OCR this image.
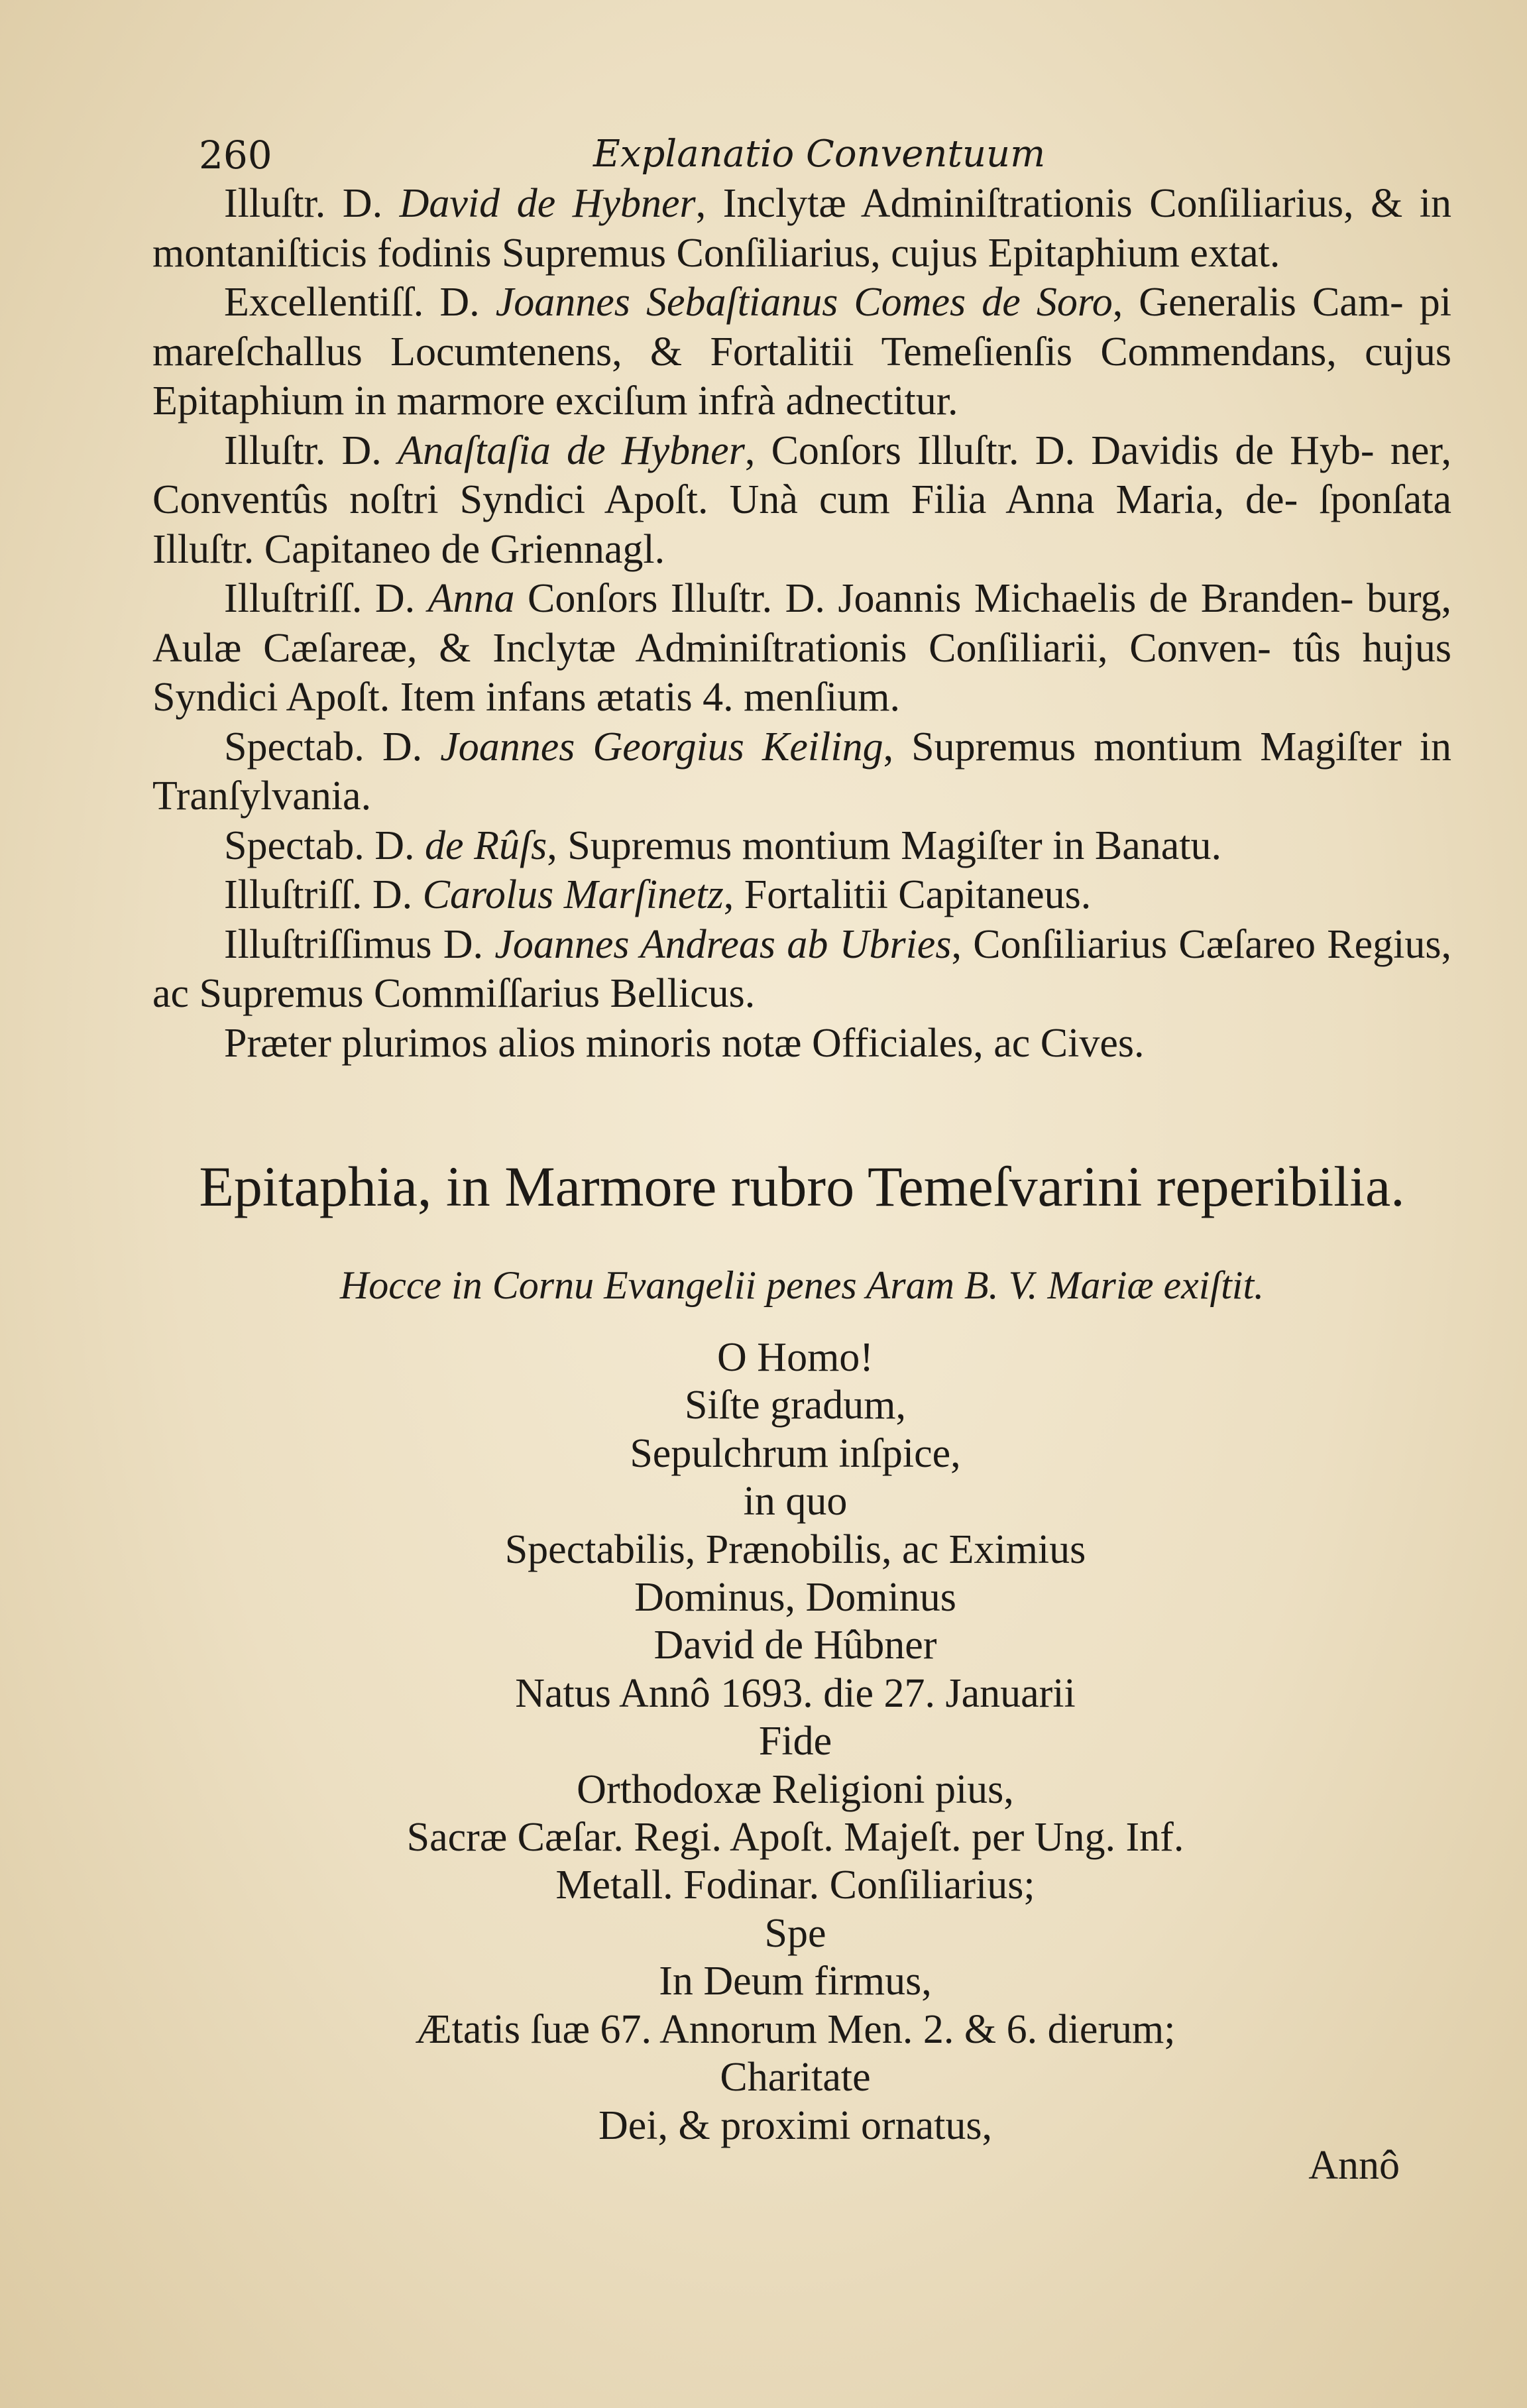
260	Explanatio Conventuum

Illuſtr. D. David de Hybner, Inclytæ Adminiſtrationis Conſiliarius, & in montaniſticis fodinis Supremus Conſiliarius, cujus Epitaphium extat.

Excellentiſſ. D. Joannes Sebaſtianus Comes de Soro, Generalis Cam- pi mareſchallus Locumtenens, & Fortalitii Temeſienſis Commendans, cujus Epitaphium in marmore exciſum infrà adnectitur.

Illuſtr. D. Anaſtaſia de Hybner, Conſors Illuſtr. D. Davidis de Hyb- ner, Conventûs noſtri Syndici Apoſt. Unà cum Filia Anna Maria, de- ſponſata Illuſtr. Capitaneo de Griennagl.

Illuſtriſſ. D. Anna Conſors Illuſtr. D. Joannis Michaelis de Branden- burg, Aulæ Cæſareæ, & Inclytæ Adminiſtrationis Conſiliarii, Conven- tûs hujus Syndici Apoſt. Item infans ætatis 4. menſium.

Spectab. D. Joannes Georgius Keiling, Supremus montium Magiſter in Tranſylvania.

Spectab. D. de Rûſs, Supremus montium Magiſter in Banatu.

Illuſtriſſ. D. Carolus Marſinetz, Fortalitii Capitaneus.

Illuſtriſſimus D. Joannes Andreas ab Ubries, Conſiliarius Cæſareo Regius, ac Supremus Commiſſarius Bellicus.

Præter plurimos alios minoris notæ Officiales, ac Cives.

Epitaphia, in Marmore rubro Temeſvarini reperibilia.
Hocce in Cornu Evangelii penes Aram B. V. Mariæ exiſtit.
O Homo!
Siſte gradum,
Sepulchrum inſpice,
in quo
Spectabilis, Prænobilis, ac Eximius
Dominus, Dominus
David de Hûbner
Natus Annô 1693. die 27. Januarii
Fide
Orthodoxæ Religioni pius,
Sacræ Cæſar. Regi. Apoſt. Majeſt. per Ung. Inf.
Metall. Fodinar. Conſiliarius;
Spe
In Deum firmus,
Ætatis ſuæ 67. Annorum Men. 2. & 6. dierum;
Charitate
Dei, & proximi ornatus,
Annô
